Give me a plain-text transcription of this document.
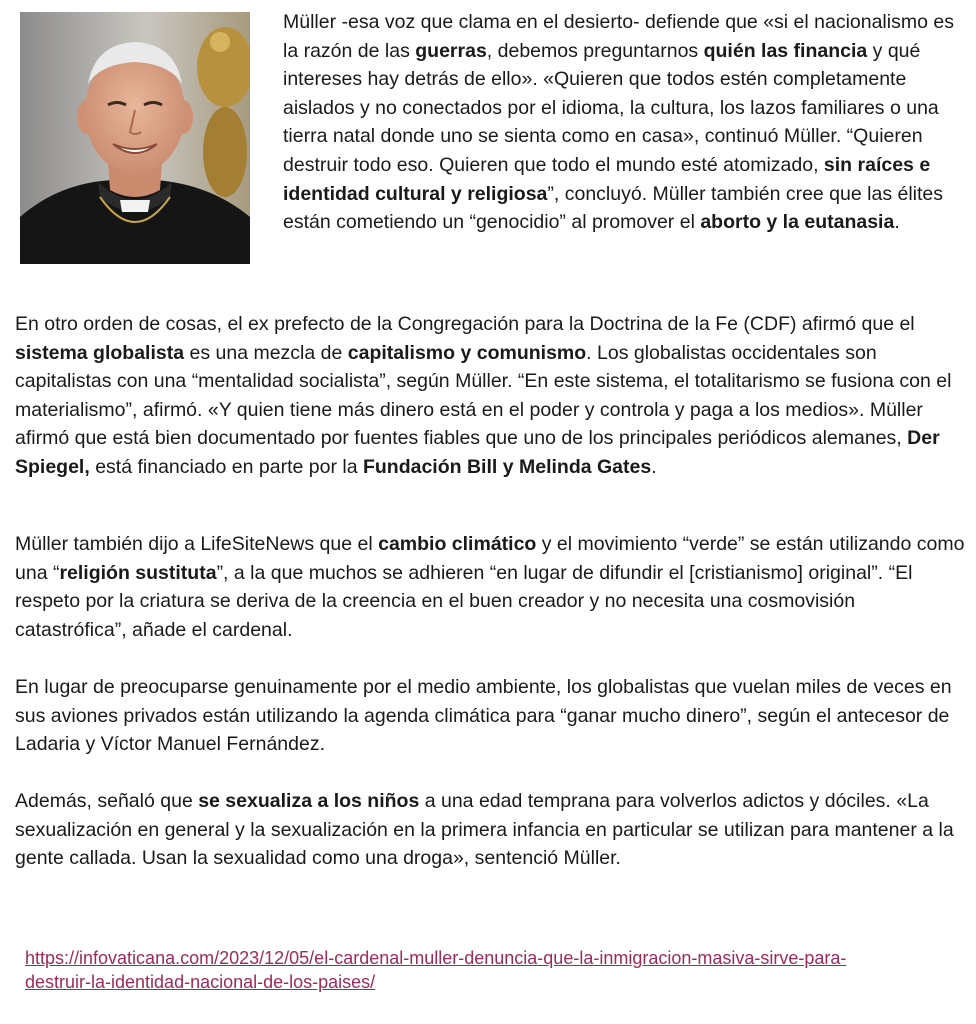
Müller -esa voz que clama en el desierto- defiende que «si el nacionalismo es la razón de las guerras, debemos preguntarnos quién las financia y qué intereses hay detrás de ello». «Quieren que todos estén completamente aislados y no conectados por el idioma, la cultura, los lazos familiares o una tierra natal donde uno se sienta como en casa», continuó Müller. “Quieren destruir todo eso. Quieren que todo el mundo esté atomizado, sin raíces e identidad cultural y religiosa”, concluyó. Müller también cree que las élites están cometiendo un “genocidio” al promover el aborto y la eutanasia.

En otro orden de cosas, el ex prefecto de la Congregación para la Doctrina de la Fe (CDF) afirmó que el sistema globalista es una mezcla de capitalismo y comunismo. Los globalistas occidentales son capitalistas con una “mentalidad socialista”, según Müller. “En este sistema, el totalitarismo se fusiona con el materialismo”, afirmó. «Y quien tiene más dinero está en el poder y controla y paga a los medios». Müller afirmó que está bien documentado por fuentes fiables que uno de los principales periódicos alemanes, Der Spiegel, está financiado en parte por la Fundación Bill y Melinda Gates.

Müller también dijo a LifeSiteNews que el cambio climático y el movimiento “verde” se están utilizando como una “religión sustituta”, a la que muchos se adhieren “en lugar de difundir el [cristianismo] original”. “El respeto por la criatura se deriva de la creencia en el buen creador y no necesita una cosmovisión catastrófica”, añade el cardenal.

En lugar de preocuparse genuinamente por el medio ambiente, los globalistas que vuelan miles de veces en sus aviones privados están utilizando la agenda climática para “ganar mucho dinero”, según el antecesor de Ladaria y Víctor Manuel Fernández.

Además, señaló que se sexualiza a los niños a una edad temprana para volverlos adictos y dóciles. «La sexualización en general y la sexualización en la primera infancia en particular se utilizan para mantener a la gente callada. Usan la sexualidad como una droga», sentenció Müller.

https://infovaticana.com/2023/12/05/el-cardenal-muller-denuncia-que-la-inmigracion-masiva-sirve-para-destruir-la-identidad-nacional-de-los-paises/
